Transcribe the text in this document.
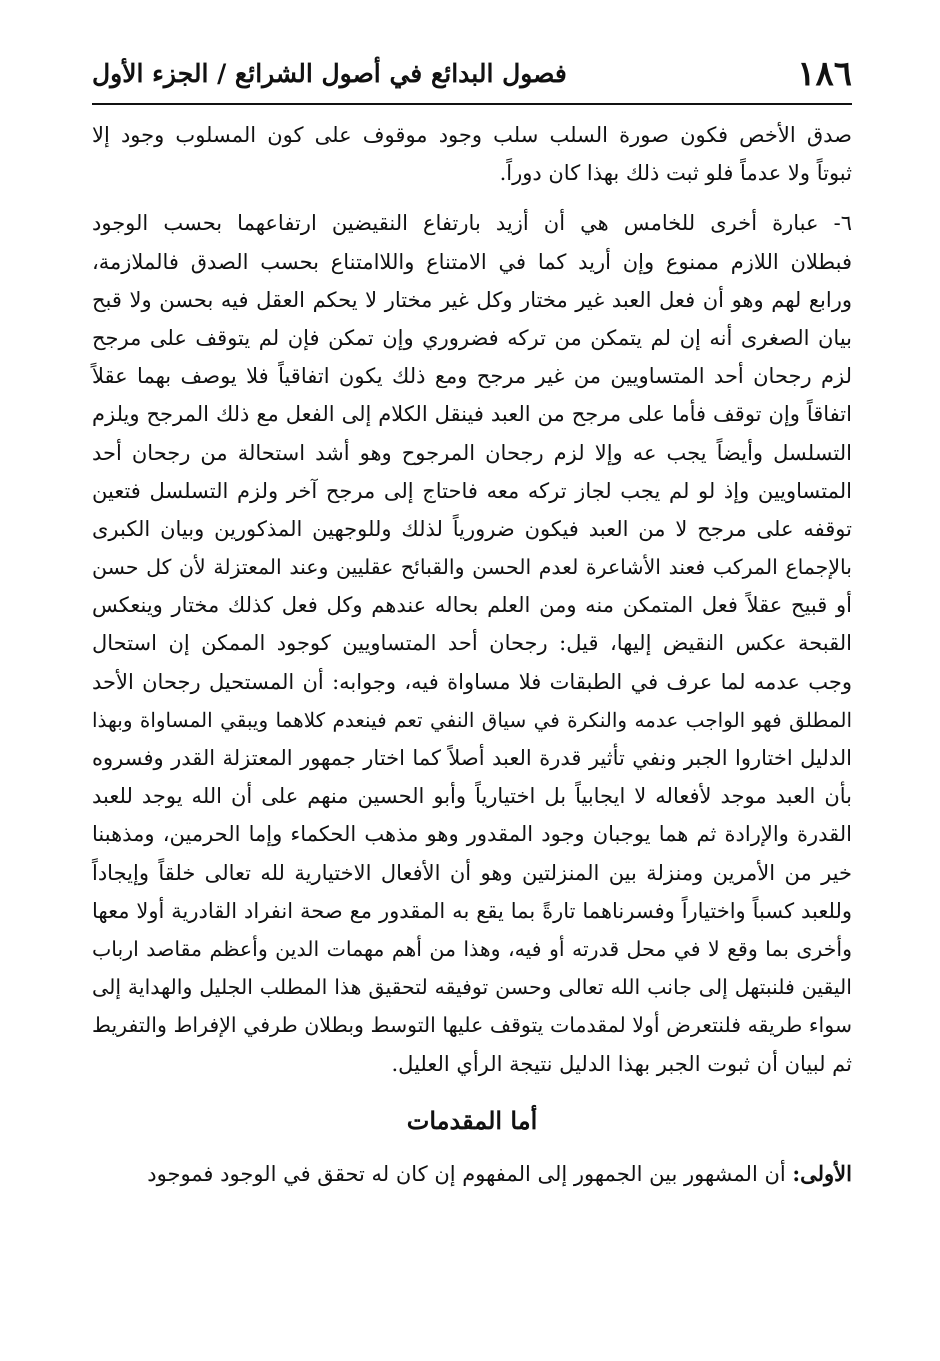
١٨٦
فصول البدائع في أصول الشرائع / الجزء الأول
صدق الأخص فكون صورة السلب سلب وجود موقوف على كون المسلوب وجود إلا
ثبوتاً ولا عدماً فلو ثبت ذلك بهذا كان دوراً.
٦- عبارة أخرى للخامس هي أن أزيد بارتفاع النقيضين ارتفاعهما بحسب الوجود
فبطلان اللازم ممنوع وإن أريد كما في الامتناع واللاامتناع بحسب الصدق فالملازمة،
ورابع لهم وهو أن فعل العبد غير مختار وكل غير مختار لا يحكم العقل فيه بحسن ولا قبح
بيان الصغرى أنه إن لم يتمكن من تركه فضروري وإن تمكن فإن لم يتوقف على مرجح
لزم رجحان أحد المتساويين من غير مرجح ومع ذلك يكون اتفاقياً فلا يوصف بهما عقلاً
اتفاقاً وإن توقف فأما على مرجح من العبد فينقل الكلام إلى الفعل مع ذلك المرجح ويلزم
التسلسل وأيضاً يجب عه وإلا لزم رجحان المرجوح وهو أشد استحالة من رجحان أحد
المتساويين وإذ لو لم يجب لجاز تركه معه فاحتاج إلى مرجح آخر ولزم التسلسل فتعين
توقفه على مرجح لا من العبد فيكون ضرورياً لذلك وللوجهين المذكورين وبيان الكبرى
بالإجماع المركب فعند الأشاعرة لعدم الحسن والقبائح عقليين وعند المعتزلة لأن كل حسن
أو قبيح عقلاً فعل المتمكن منه ومن العلم بحاله عندهم وكل فعل كذلك مختار وينعكس
القبحة عكس النقيض إليها، قيل: رجحان أحد المتساويين كوجود الممكن إن استحال
وجب عدمه لما عرف في الطبقات فلا مساواة فيه، وجوابه: أن المستحيل رجحان الأحد
المطلق فهو الواجب عدمه والنكرة في سياق النفي تعم فينعدم كلاهما ويبقي المساواة وبهذا
الدليل اختاروا الجبر ونفي تأثير قدرة العبد أصلاً كما اختار جمهور المعتزلة القدر وفسروه
بأن العبد موجد لأفعاله لا ايجابياً بل اختيارياً وأبو الحسين منهم على أن الله يوجد للعبد
القدرة والإرادة ثم هما يوجبان وجود المقدور وهو مذهب الحكماء وإما الحرمين، ومذهبنا
خير من الأمرين ومنزلة بين المنزلتين وهو أن الأفعال الاختيارية لله تعالى خلقاً وإيجاداً
وللعبد كسباً واختياراً وفسرناهما تارةً بما يقع به المقدور مع صحة انفراد القادرية أولا معها
وأخرى بما وقع لا في محل قدرته أو فيه، وهذا من أهم مهمات الدين وأعظم مقاصد ارباب
اليقين فلنبتهل إلى جانب الله تعالى وحسن توفيقه لتحقيق هذا المطلب الجليل والهداية إلى
سواء طريقه فلنتعرض أولا لمقدمات يتوقف عليها التوسط وبطلان طرفي الإفراط والتفريط
ثم لبيان أن ثبوت الجبر بهذا الدليل نتيجة الرأي العليل.
أما المقدمات
الأولى: أن المشهور بين الجمهور إلى المفهوم إن كان له تحقق في الوجود فموجود
